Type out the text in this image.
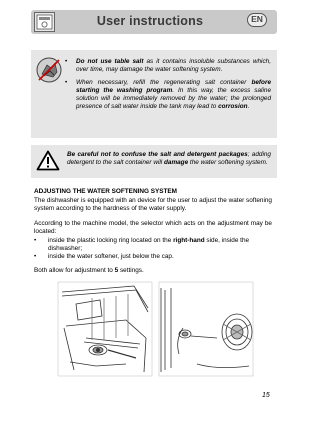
User instructions	EN
• Do not use table salt as it contains insoluble substances which, over time, may damage the water softening system.
• When necessary, refill the regenerating salt container before starting the washing program. In this way, the excess saline solution will be immediately removed by the water; the prolonged presence of salt water inside the tank may lead to corrosion.
Be careful not to confuse the salt and detergent packages; adding detergent to the salt container will damage the water softening system.
ADJUSTING THE WATER SOFTENING SYSTEM
The dishwasher is equipped with an device for the user to adjust the water softening system according to the hardness of the water supply.
According to the machine model, the selector which acts on the adjustment may be located:
• inside the plastic locking ring located on the right-hand side, inside the dishwasher;
• inside the water softener, just below the cap.
Both allow for adjustment to 5 settings.
15
